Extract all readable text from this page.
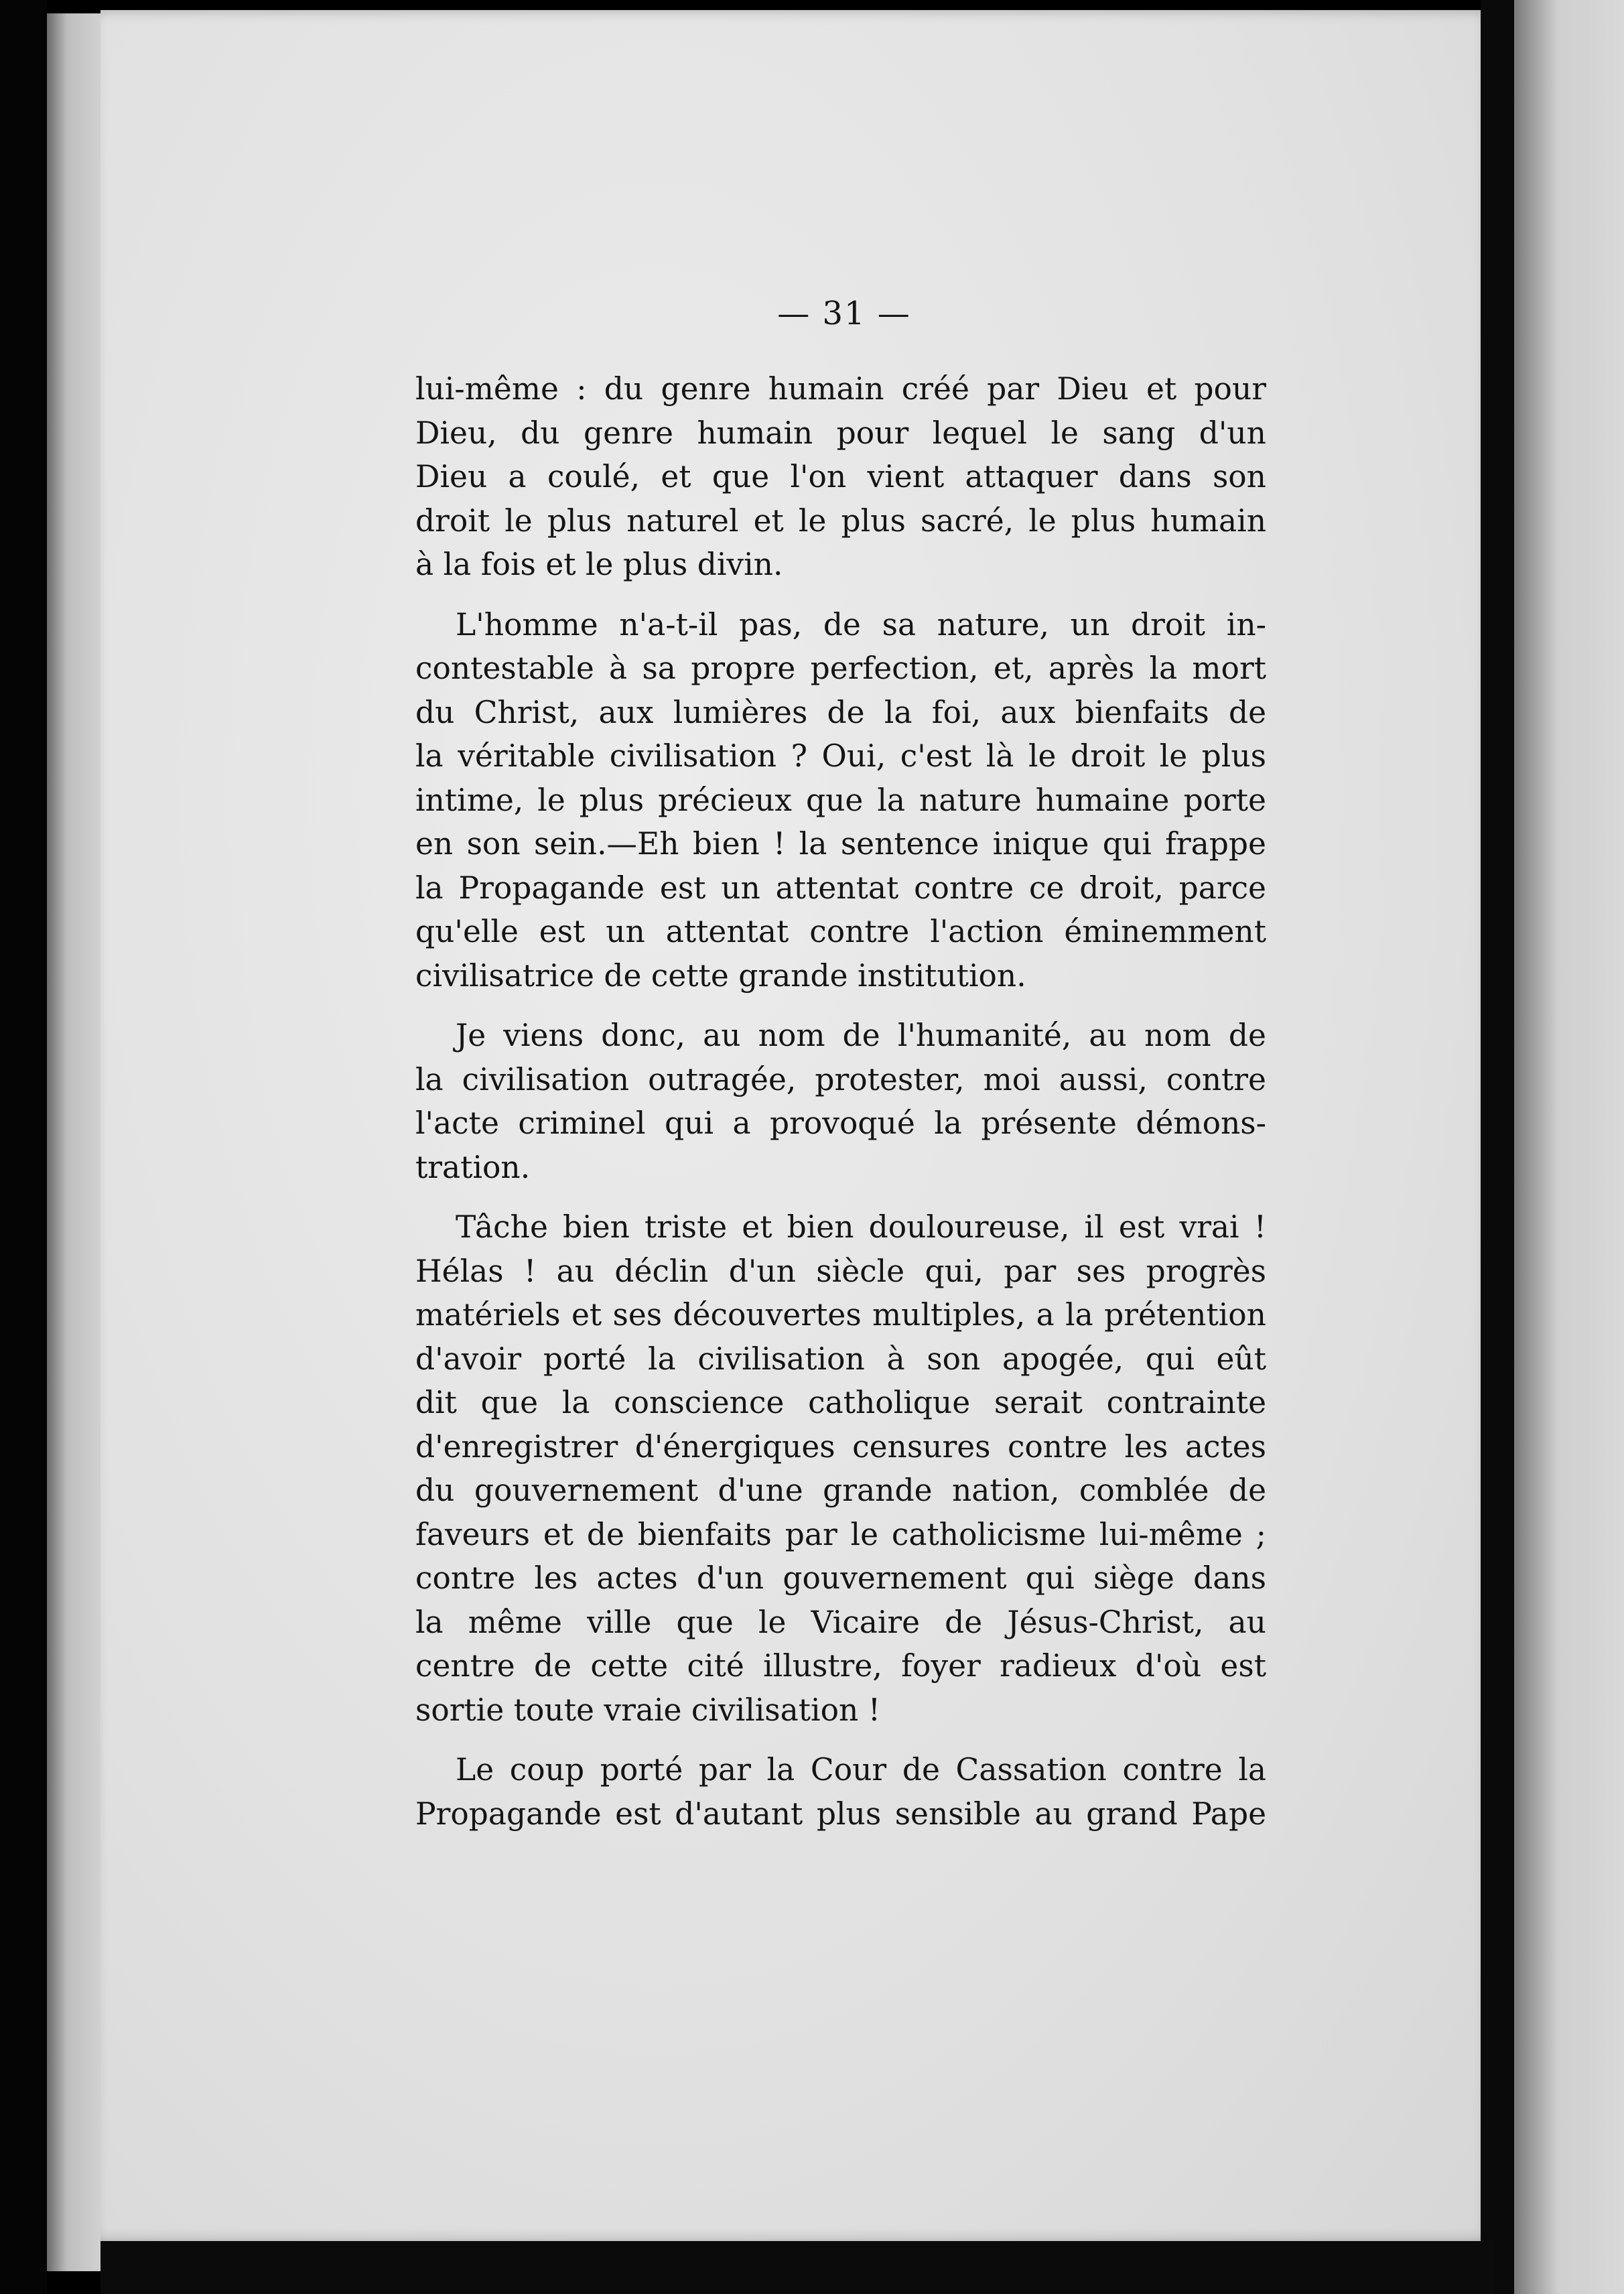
— 31 —

lui-même : du genre humain créé par Dieu et pour
Dieu, du genre humain pour lequel le sang d'un
Dieu a coulé, et que l'on vient attaquer dans son
droit le plus naturel et le plus sacré, le plus humain
à la fois et le plus divin.

L'homme n'a-t-il pas, de sa nature, un droit in-
contestable à sa propre perfection, et, après la mort
du Christ, aux lumières de la foi, aux bienfaits de
la véritable civilisation ? Oui, c'est là le droit le plus
intime, le plus précieux que la nature humaine porte
en son sein.—Eh bien ! la sentence inique qui frappe
la Propagande est un attentat contre ce droit, parce
qu'elle est un attentat contre l'action éminemment
civilisatrice de cette grande institution.

Je viens donc, au nom de l'humanité, au nom de
la civilisation outragée, protester, moi aussi, contre
l'acte criminel qui a provoqué la présente démons-
tration.

Tâche bien triste et bien douloureuse, il est vrai !
Hélas ! au déclin d'un siècle qui, par ses progrès
matériels et ses découvertes multiples, a la prétention
d'avoir porté la civilisation à son apogée, qui eût
dit que la conscience catholique serait contrainte
d'enregistrer d'énergiques censures contre les actes
du gouvernement d'une grande nation, comblée de
faveurs et de bienfaits par le catholicisme lui-même ;
contre les actes d'un gouvernement qui siège dans
la même ville que le Vicaire de Jésus-Christ, au
centre de cette cité illustre, foyer radieux d'où est
sortie toute vraie civilisation !

Le coup porté par la Cour de Cassation contre la
Propagande est d'autant plus sensible au grand Pape
